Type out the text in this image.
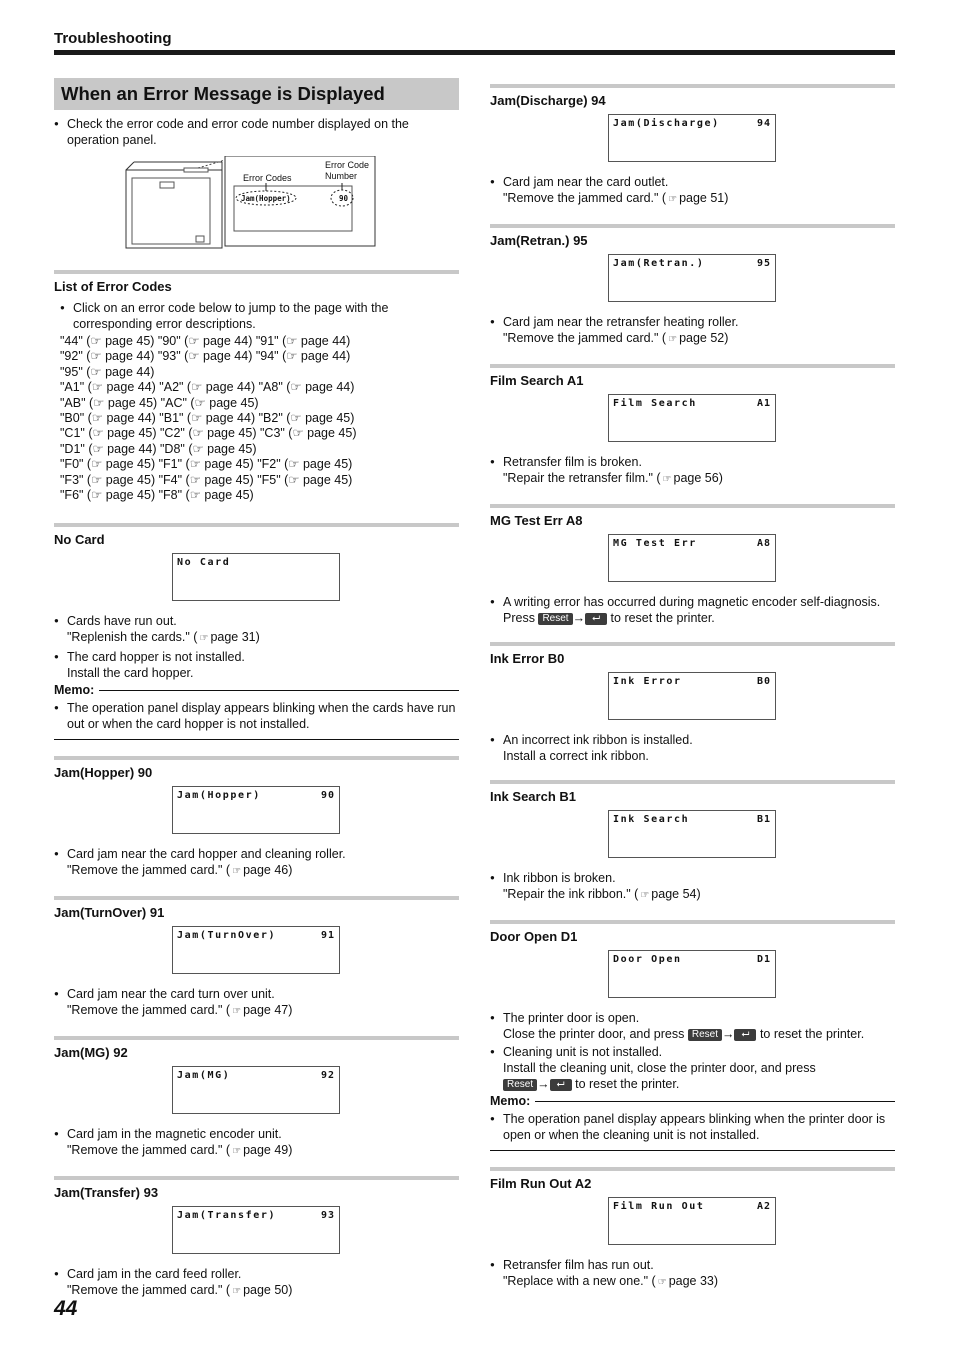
Troubleshooting
When an Error Message is Displayed
● Check the error code and error code number displayed on the operation panel.
Error Codes
Error Code
Number
Jam(Hopper)	90
List of Error Codes
● Click on an error code below to jump to the page with the corresponding error descriptions.
"44" (☞ page 45) "90" (☞ page 44) "91" (☞ page 44)
"92" (☞ page 44) "93" (☞ page 44) "94" (☞ page 44)
"95" (☞ page 44)
"A1" (☞ page 44) "A2" (☞ page 44) "A8" (☞ page 44)
"AB" (☞ page 45) "AC" (☞ page 45)
"B0" (☞ page 44) "B1" (☞ page 44) "B2" (☞ page 45)
"C1" (☞ page 45) "C2" (☞ page 45) "C3" (☞ page 45)
"D1" (☞ page 44) "D8" (☞ page 45)
"F0" (☞ page 45) "F1" (☞ page 45) "F2" (☞ page 45)
"F3" (☞ page 45) "F4" (☞ page 45) "F5" (☞ page 45)
"F6" (☞ page 45) "F8" (☞ page 45)
No Card
No Card
● Cards have run out.
"Replenish the cards." ( ☞ page 31)
● The card hopper is not installed.
Install the card hopper.
Memo:
● The operation panel display appears blinking when the cards have run out or when the card hopper is not installed.
Jam(Hopper) 90
Jam(Hopper)	90
● Card jam near the card hopper and cleaning roller.
"Remove the jammed card." ( ☞ page 46)
Jam(TurnOver) 91
Jam(TurnOver)	91
● Card jam near the card turn over unit.
"Remove the jammed card." ( ☞ page 47)
Jam(MG) 92
Jam(MG)	92
● Card jam in the magnetic encoder unit.
"Remove the jammed card." ( ☞ page 49)
Jam(Transfer) 93
Jam(Transfer)	93
● Card jam in the card feed roller.
"Remove the jammed card." ( ☞ page 50)
Jam(Discharge) 94
Jam(Discharge)	94
● Card jam near the card outlet.
"Remove the jammed card." ( ☞ page 51)
Jam(Retran.) 95
Jam(Retran.)	95
● Card jam near the retransfer heating roller.
"Remove the jammed card." ( ☞ page 52)
Film Search A1
Film Search	A1
● Retransfer film is broken.
"Repair the retransfer film." ( ☞ page 56)
MG Test Err A8
MG Test Err	A8
● A writing error has occurred during magnetic encoder self-diagnosis.
Press Reset → ⮠ to reset the printer.
Ink Error B0
Ink Error	B0
● An incorrect ink ribbon is installed.
Install a correct ink ribbon.
Ink Search B1
Ink Search	B1
● Ink ribbon is broken.
"Repair the ink ribbon." ( ☞ page 54)
Door Open D1
Door Open	D1
● The printer door is open.
Close the printer door, and press Reset → ⮠ to reset the printer.
● Cleaning unit is not installed.
Install the cleaning unit, close the printer door, and press
Reset → ⮠ to reset the printer.
Memo:
● The operation panel display appears blinking when the printer door is open or when the cleaning unit is not installed.
Film Run Out A2
Film Run Out	A2
● Retransfer film has run out.
"Replace with a new one." ( ☞ page 33)
44
